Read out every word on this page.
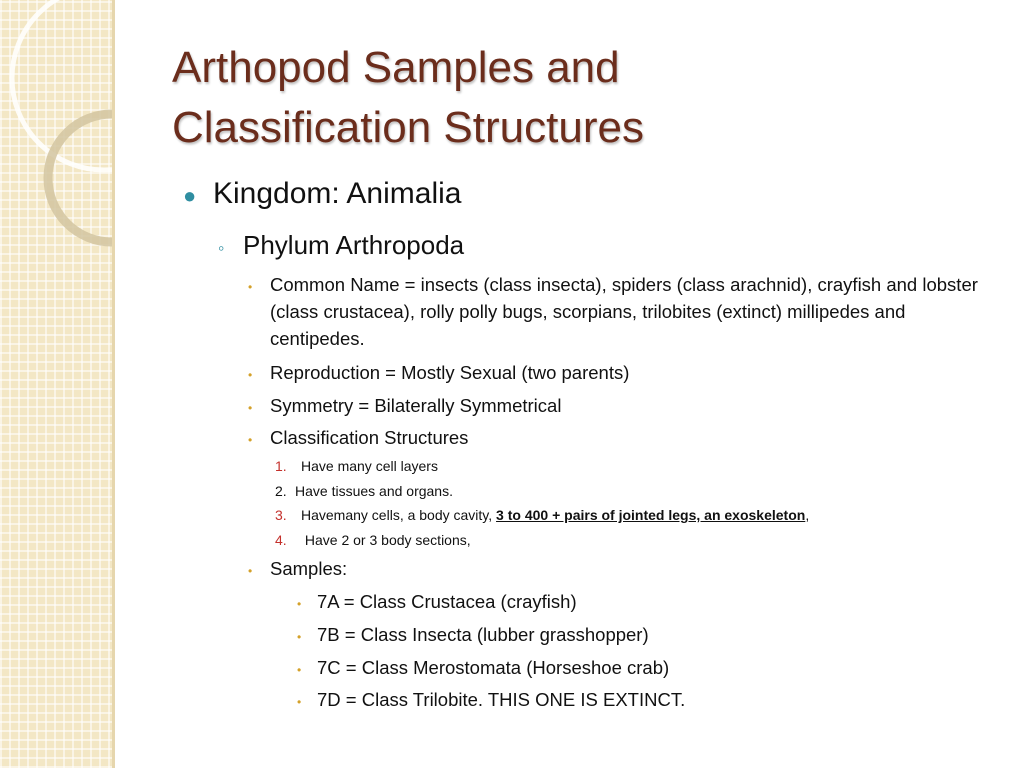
Arthopod Samples and
Classification Structures
● Kingdom: Animalia
◦ Phylum Arthropoda
• Common Name = insects (class insecta), spiders (class arachnid), crayfish and lobster (class crustacea), rolly polly bugs, scorpians, trilobites (extinct) millipedes and centipedes.
• Reproduction = Mostly Sexual (two parents)
• Symmetry = Bilaterally Symmetrical
• Classification Structures
1.	Have many cell layers
2. Have tissues and organs.
3.	Havemany cells, a body cavity, 3 to 400 + pairs of jointed legs, an exoskeleton,
4.	Have 2 or 3 body sections,
• Samples:
• 7A = Class Crustacea (crayfish)
• 7B = Class Insecta (lubber grasshopper)
• 7C = Class Merostomata (Horseshoe crab)
• 7D = Class Trilobite. THIS ONE IS EXTINCT.
